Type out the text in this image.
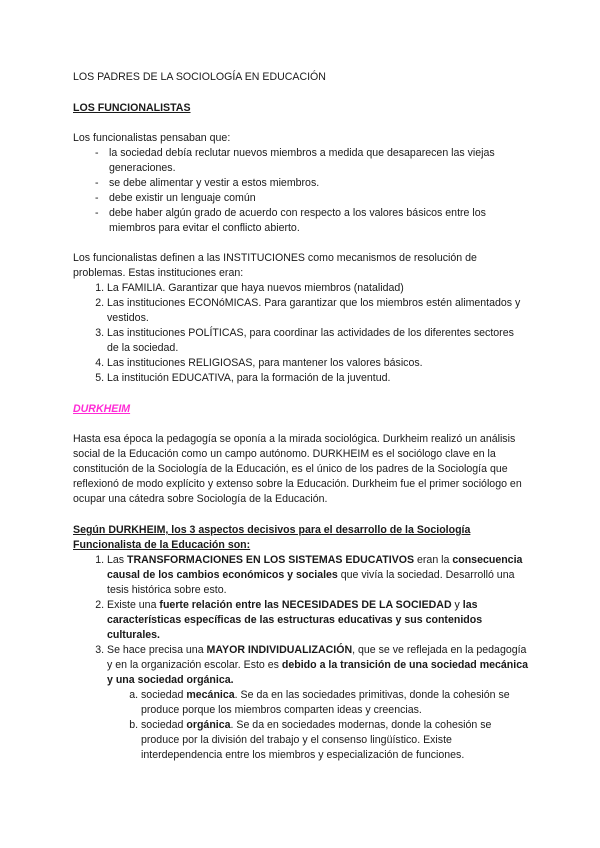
LOS PADRES DE LA SOCIOLOGÍA EN EDUCACIÓN

LOS FUNCIONALISTAS

Los funcionalistas pensaban que:

- la sociedad debía reclutar nuevos miembros a medida que desaparecen las viejas generaciones.
- se debe alimentar y vestir a estos miembros.
- debe existir un lenguaje común
- debe haber algún grado de acuerdo con respecto a los valores básicos entre los miembros para evitar el conflicto abierto.

Los funcionalistas definen a las INSTITUCIONES como mecanismos de resolución de problemas. Estas instituciones eran:

1. La FAMILIA. Garantizar que haya nuevos miembros (natalidad)
2. Las instituciones ECONóMICAS. Para garantizar que los miembros estén alimentados y vestidos.
3. Las instituciones POLÍTICAS, para coordinar las actividades de los diferentes sectores de la sociedad.
4. Las instituciones RELIGIOSAS, para mantener los valores básicos.
5. La institución EDUCATIVA, para la formación de la juventud.

DURKHEIM

Hasta esa época la pedagogía se oponía a la mirada sociológica. Durkheim realizó un análisis social de la Educación como un campo autónomo. DURKHEIM es el sociólogo clave en la constitución de la Sociología de la Educación, es el único de los padres de la Sociología que reflexionó de modo explícito y extenso sobre la Educación. Durkheim fue el primer sociólogo en ocupar una cátedra sobre Sociología de la Educación.

Según DURKHEIM, los 3 aspectos decisivos para el desarrollo de la Sociología Funcionalista de la Educación son:

1. Las TRANSFORMACIONES EN LOS SISTEMAS EDUCATIVOS eran la consecuencia causal de los cambios económicos y sociales que vivía la sociedad. Desarrolló una tesis histórica sobre esto.
2. Existe una fuerte relación entre las NECESIDADES DE LA SOCIEDAD y las características específicas de las estructuras educativas y sus contenidos culturales.
3. Se hace precisa una MAYOR INDIVIDUALIZACIÓN, que se ve reflejada en la pedagogía y en la organización escolar. Esto es debido a la transición de una sociedad mecánica y una sociedad orgánica.
a. sociedad mecánica. Se da en las sociedades primitivas, donde la cohesión se produce porque los miembros comparten ideas y creencias.
b. sociedad orgánica. Se da en sociedades modernas, donde la cohesión se produce por la división del trabajo y el consenso lingüístico. Existe interdependencia entre los miembros y especialización de funciones.
